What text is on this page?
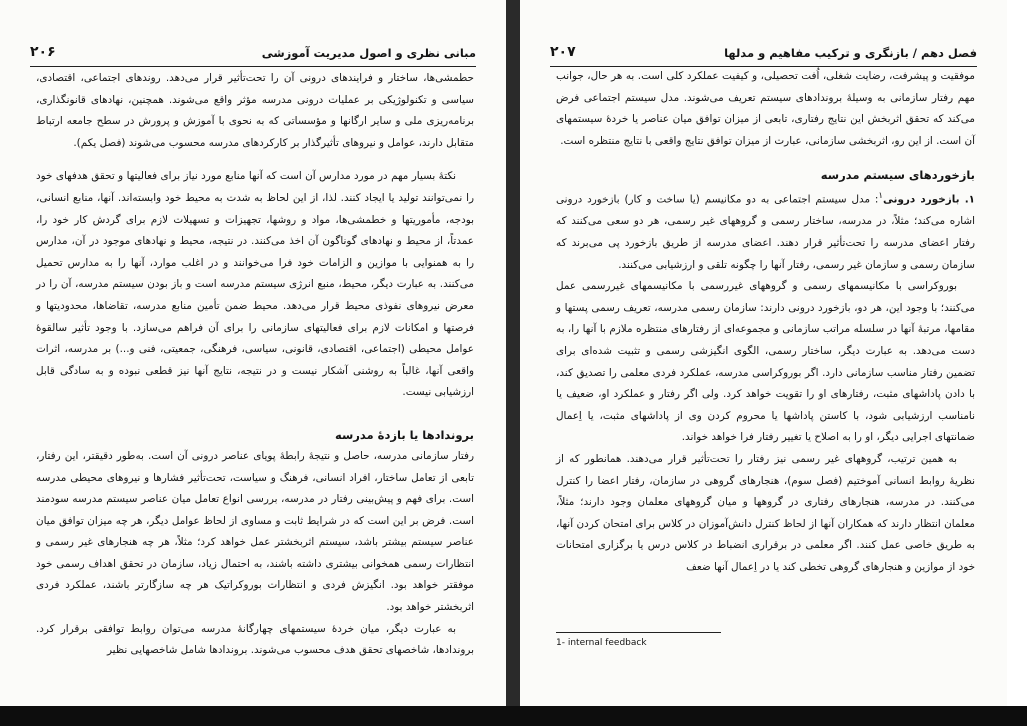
مبانی نظری و اصول مدیریت آموزشی
۲۰۶

حطمشی‌ها، ساختار و فرایندهای درونی آن را تحت‌تأثیر قرار می‌دهد. روندهای اجتماعی، اقتصادی، سیاسی و تکنولوژیکی بر عملیات درونی مدرسه مؤثر واقع می‌شوند. همچنین، نهادهای قانونگذاری، برنامه‌ریزی ملی و سایر ارگانها و مؤسساتی که به نحوی با آموزش و پرورش در سطح جامعه ارتباط متقابل دارند، عوامل و نیروهای تأثیرگذار بر کارکردهای مدرسه محسوب می‌شوند (فصل یکم).

نکتهٔ بسیار مهم در مورد مدارس آن است که آنها منابع مورد نیاز برای فعالیتها و تحقق هدفهای خود را نمی‌توانند تولید یا ایجاد کنند. لذا، از این لحاظ به شدت به محیط خود وابسته‌اند. آنها، منابع انسانی، بودجه، مأموریتها و خطمشی‌ها، مواد و روشها، تجهیزات و تسهیلات لازم برای گردش کار خود را، عمدتاً، از محیط و نهادهای گوناگون آن اخذ می‌کنند. در نتیجه، محیط و نهادهای موجود در آن، مدارس را به همنوایی با موازین و الزامات خود فرا می‌خوانند و در اغلب موارد، آنها را به مدارس تحمیل می‌کنند. به عبارت دیگر، محیط، منبع انرژی سیستم مدرسه است و باز بودن سیستم مدرسه، آن را در معرض نیروهای نفوذی محیط قرار می‌دهد. محیط ضمن تأمین منابع مدرسه، تقاضاها، محدودیتها و فرصتها و امکانات لازم برای فعالیتهای سازمانی را برای آن فراهم می‌سازد. با وجود تأثیر سالقوهٔ عوامل محیطی (اجتماعی، اقتصادی، قانونی، سیاسی، فرهنگی، جمعیتی، فنی و...) بر مدرسه، اثرات واقعی آنها، غالباً به روشنی آشکار نیست و در نتیجه، نتایج آنها نیز قطعی نبوده و به سادگی قابل ارزشیابی نیست.

بروندادها یا بازدهٔ مدرسه

رفتار سازمانی مدرسه، حاصل و نتیجهٔ رابطهٔ پویای عناصر درونی آن است. به‌طور دقیقتر، این رفتار، تابعی از تعامل ساختار، افراد انسانی، فرهنگ و سیاست، تحت‌تأثیر فشارها و نیروهای محیطی مدرسه است. برای فهم و پیش‌بینی رفتار در مدرسه، بررسی انواع تعامل میان عناصر سیستم مدرسه سودمند است. فرض بر این است که در شرایط ثابت و مساوی از لحاظ عوامل دیگر، هر چه میزان توافق میان عناصر سیستم بیشتر باشد، سیستم اثربخشتر عمل خواهد کرد؛ مثلاً، هر چه هنجارهای غیر رسمی و انتظارات رسمی همخوانی بیشتری داشته باشند، به احتمال زیاد، سازمان در تحقق اهداف رسمی خود موفقتر خواهد بود. انگیزش فردی و انتظارات بوروکراتیک هر چه سازگارتر باشند، عملکرد فردی اثربخشتر خواهد بود.

به عبارت دیگر، میان خردهٔ سیستمهای چهارگانهٔ مدرسه می‌توان روابط توافقی برقرار کرد. بروندادها، شاخصهای تحقق هدف محسوب می‌شوند. بروندادها شامل شاخصهایی نظیر

فصل دهم / بازنگری و ترکیب مفاهیم و مدلها
۲۰۷

موفقیت و پیشرفت، رضایت شغلی، اُفت تحصیلی، و کیفیت عملکرد کلی است. به هر حال، جوانب مهم رفتار سازمانی به وسیلهٔ بروندادهای سیستم تعریف می‌شوند. مدل سیستم اجتماعی فرض می‌کند که تحقق اثربخش این نتایج رفتاری، تابعی از میزان توافق میان عناصر یا خردهٔ سیستمهای آن است. از این رو، اثربخشی سازمانی، عبارت از میزان توافق نتایج واقعی با نتایج منتظره است.

بازخوردهای سیستم مدرسه

۱. بازخورد درونی$^۱$: مدل سیستم اجتماعی به دو مکانیسم (یا ساخت و کار) بازخورد درونی اشاره می‌کند؛ مثلاً، در مدرسه، ساختار رسمی و گروههای غیر رسمی، هر دو سعی می‌کنند که رفتار اعضای مدرسه را تحت‌تأثیر قرار دهند. اعضای مدرسه از طریق بازخورد پی می‌برند که سازمان رسمی و سازمان غیر رسمی، رفتار آنها را چگونه تلقی و ارزشیابی می‌کنند.

بوروکراسی با مکانیسمهای رسمی و گروههای غیررسمی با مکانیسمهای غیررسمی عمل می‌کنند؛ با وجود این، هر دو، بازخورد درونی دارند: سازمان رسمی مدرسه، تعریف رسمی پستها و مقامها، مرتبهٔ آنها در سلسله مراتب سازمانی و مجموعه‌ای از رفتارهای منتظره ملازم با آنها را، به دست می‌دهد. به عبارت دیگر، ساختار رسمی، الگوی انگیزشی رسمی و تثبیت شده‌ای برای تضمین رفتار مناسب سازمانی دارد. اگر بوروکراسی مدرسه، عملکرد فردی معلمی را تصدیق کند، با دادن پاداشهای مثبت، رفتارهای او را تقویت خواهد کرد. ولی اگر رفتار و عملکرد او، ضعیف یا نامناسب ارزشیابی شود، با کاستن پاداشها یا محروم کردن وی از پاداشهای مثبت، یا اِعمال ضمانتهای اجرایی دیگر، او را به اصلاح یا تغییر رفتار فرا خواهد خواند.

به همین ترتیب، گروههای غیر رسمی نیز رفتار را تحت‌تأثیر قرار می‌دهند. همانطور که از نظریهٔ روابط انسانی آموختیم (فصل سوم)، هنجارهای گروهی در سازمان، رفتار اعضا را کنترل می‌کنند. در مدرسه، هنجارهای رفتاری در گروهها و میان گروههای معلمان وجود دارند؛ مثلاً، معلمان انتظار دارند که همکاران آنها از لحاظ کنترل دانش‌آموزان در کلاس برای امتحان کردن آنها، به طریق خاصی عمل کنند. اگر معلمی در برقراری انضباط در کلاس درس یا برگزاری امتحانات خود از موازین و هنجارهای گروهی تخطی کند یا در اِعمال آنها ضعف

1- internal feedback
